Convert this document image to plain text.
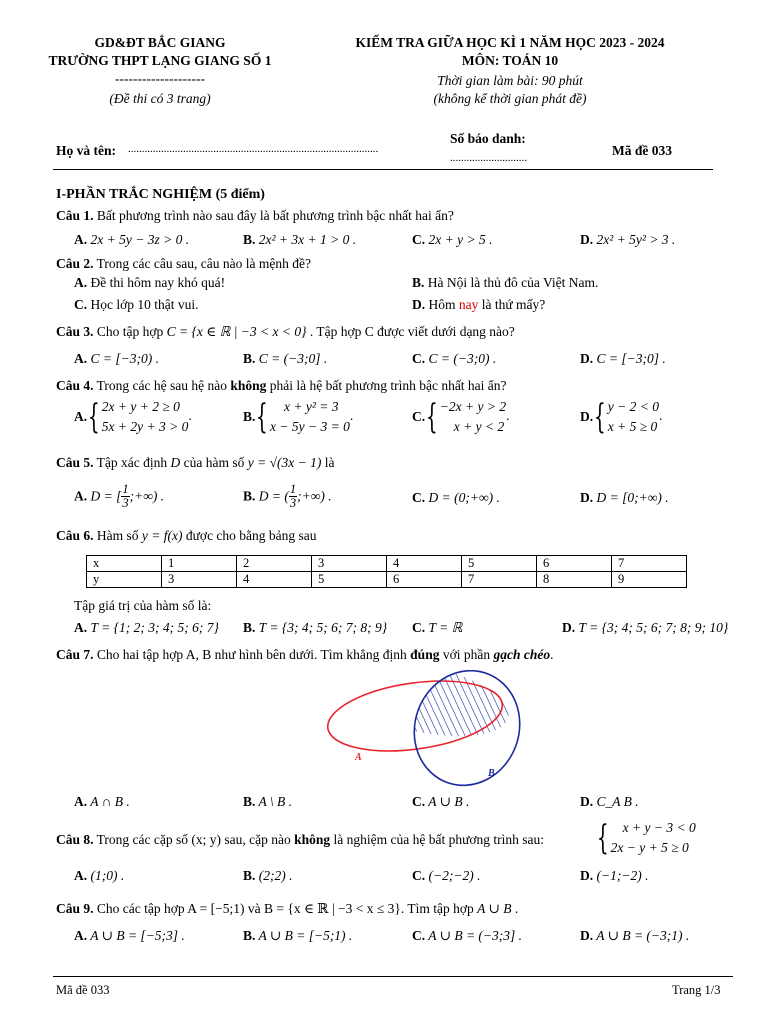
GD&ĐT BẮC GIANG
TRƯỜNG THPT LẠNG GIANG SỐ 1
--------------------
(Đề thi có 3 trang)
KIỂM TRA GIỮA HỌC KÌ 1 NĂM HỌC 2023 - 2024
MÔN: TOÁN 10
Thời gian làm bài: 90 phút
(không kể thời gian phát đề)
Họ và tên: ...........................................................................................
Số báo danh:
............................	Mã đề 033
I-PHẦN TRẮC NGHIỆM (5 điểm)
Câu 1. Bất phương trình nào sau đây là bất phương trình bậc nhất hai ẩn?
A. 2x + 5y − 3z > 0 .	B. 2x² + 3x + 1 > 0 .	C. 2x + y > 5 .	D. 2x² + 5y² > 3 .
Câu 2. Trong các câu sau, câu nào là mệnh đề?
A. Đề thi hôm nay khó quá!	B. Hà Nội là thủ đô của Việt Nam.
C. Học lớp 10 thật vui.	D. Hôm nay là thứ mấy?
Câu 3. Cho tập hợp C = {x ∈ ℝ | −3 < x < 0} . Tập hợp C được viết dưới dạng nào?
A. C = [−3;0) .	B. C = (−3;0] .	C. C = (−3;0) .	D. C = [−3;0] .
Câu 4. Trong các hệ sau hệ nào không phải là hệ bất phương trình bậc nhất hai ẩn?
A.{ 2x + y + 2 ≥ 0
5x + 2y + 3 > 0
.	B.{	x + y² = 3
x − 5y − 3 = 0
.	C.{ −2x + y > 2
x + y < 2
.	D.{ y − 2 < 0
x + 5 ≥ 0
.
Câu 5. Tập xác định D của hàm số y = √(3x − 1) là
A. D = [ $\frac{1}{3}$ ;+∞) .	B. D = ( $\frac{1}{3}$ ;+∞) .	C. D = (0;+∞) .	D. D = [0;+∞) .
Câu 6. Hàm số y = f(x) được cho bằng bảng sau
x	1	2	3	4	5	6	7
y	3	4	5	6	7	8	9
Tập giá trị của hàm số là:
A. T = {1; 2; 3; 4; 5; 6; 7} B. T = {3; 4; 5; 6; 7; 8; 9} C. T = ℝ	D. T = {3; 4; 5; 6; 7; 8; 9; 10}
Câu 7. Cho hai tập hợp A, B như hình bên dưới. Tìm khẳng định đúng với phần gạch chéo.
A
B
A. A ∩ B .	B. A \ B .	C. A ∪ B .	D. C_A B .
Câu 8. Trong các cặp số (x; y) sau, cặp nào không là nghiệm của hệ bất phương trình sau: {	x + y − 3 < 0
2x − y + 5 ≥ 0
A. (1;0) .	B. (2;2) .	C. (−2;−2) .	D. (−1;−2) .
Câu 9. Cho các tập hợp A = [−5;1) và B = {x ∈ ℝ | −3 < x ≤ 3}. Tìm tập hợp A ∪ B .
A. A ∪ B = [−5;3] .	B. A ∪ B = [−5;1) .	C. A ∪ B = (−3;3] .	D. A ∪ B = (−3;1) .
Mã đề 033	Trang 1/3
